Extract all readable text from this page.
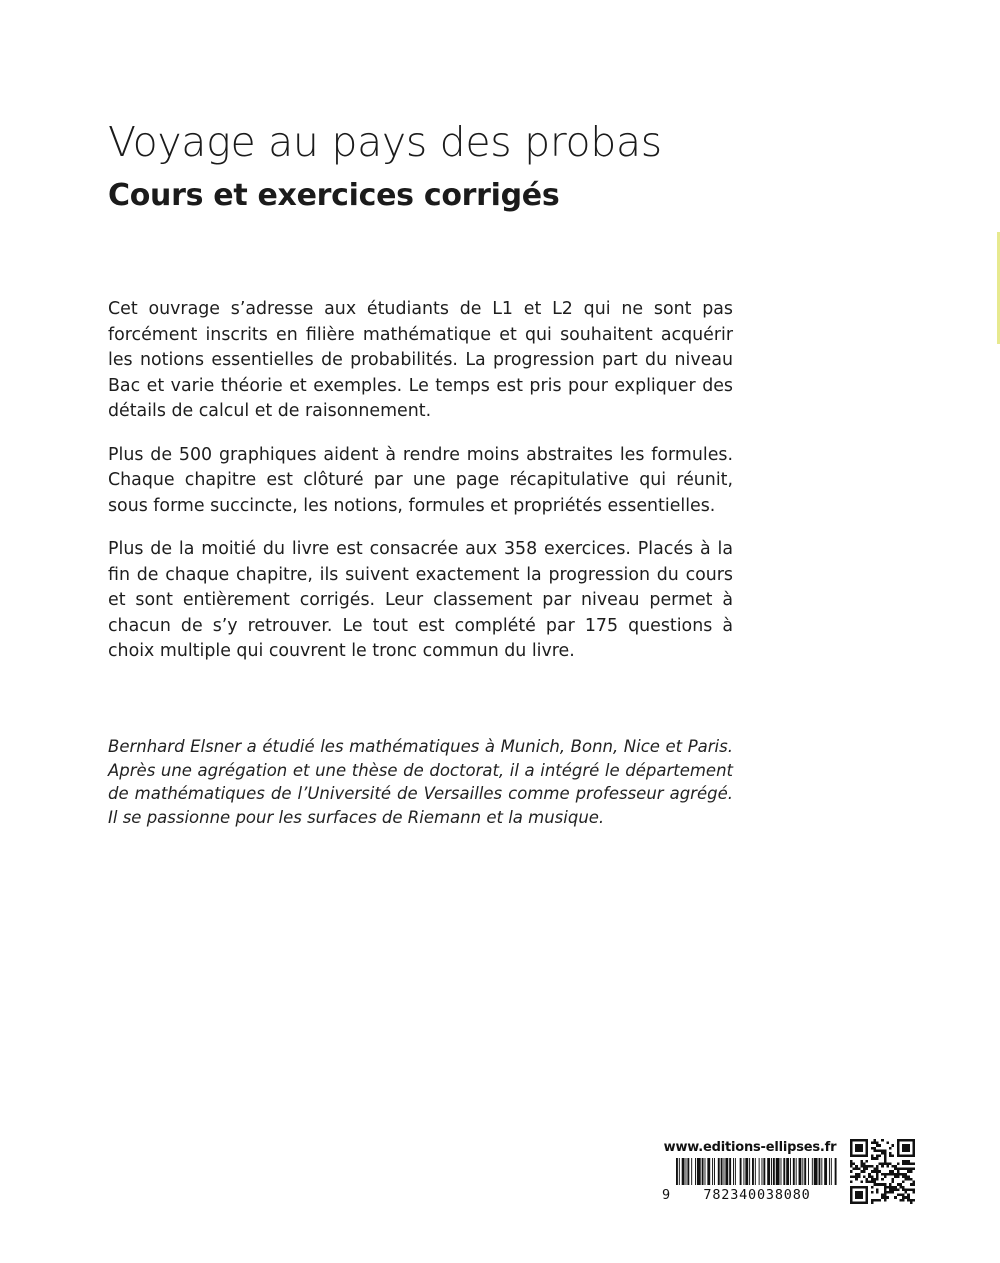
Voyage au pays des probas
Cours et exercices corrigés

Cet ouvrage s’adresse aux étudiants de L1 et L2 qui ne sont pas forcément inscrits en filière mathématique et qui souhaitent acquérir les notions essentielles de probabilités. La progression part du niveau Bac et varie théorie et exemples. Le temps est pris pour expliquer des détails de calcul et de raisonnement.

Plus de 500 graphiques aident à rendre moins abstraites les formules. Chaque chapitre est clôturé par une page récapitulative qui réunit, sous forme succincte, les notions, formules et propriétés essentielles.

Plus de la moitié du livre est consacrée aux 358 exercices. Placés à la fin de chaque chapitre, ils suivent exactement la progression du cours et sont entièrement corrigés. Leur classement par niveau permet à chacun de s’y retrouver. Le tout est complété par 175 questions à choix multiple qui couvrent le tronc commun du livre.

Bernhard Elsner a étudié les mathématiques à Munich, Bonn, Nice et Paris. Après une agrégation et une thèse de doctorat, il a intégré le département de mathématiques de l’Université de Versailles comme professeur agrégé. Il se passionne pour les surfaces de Riemann et la musique.

www.editions-ellipses.fr
9	782340038080
